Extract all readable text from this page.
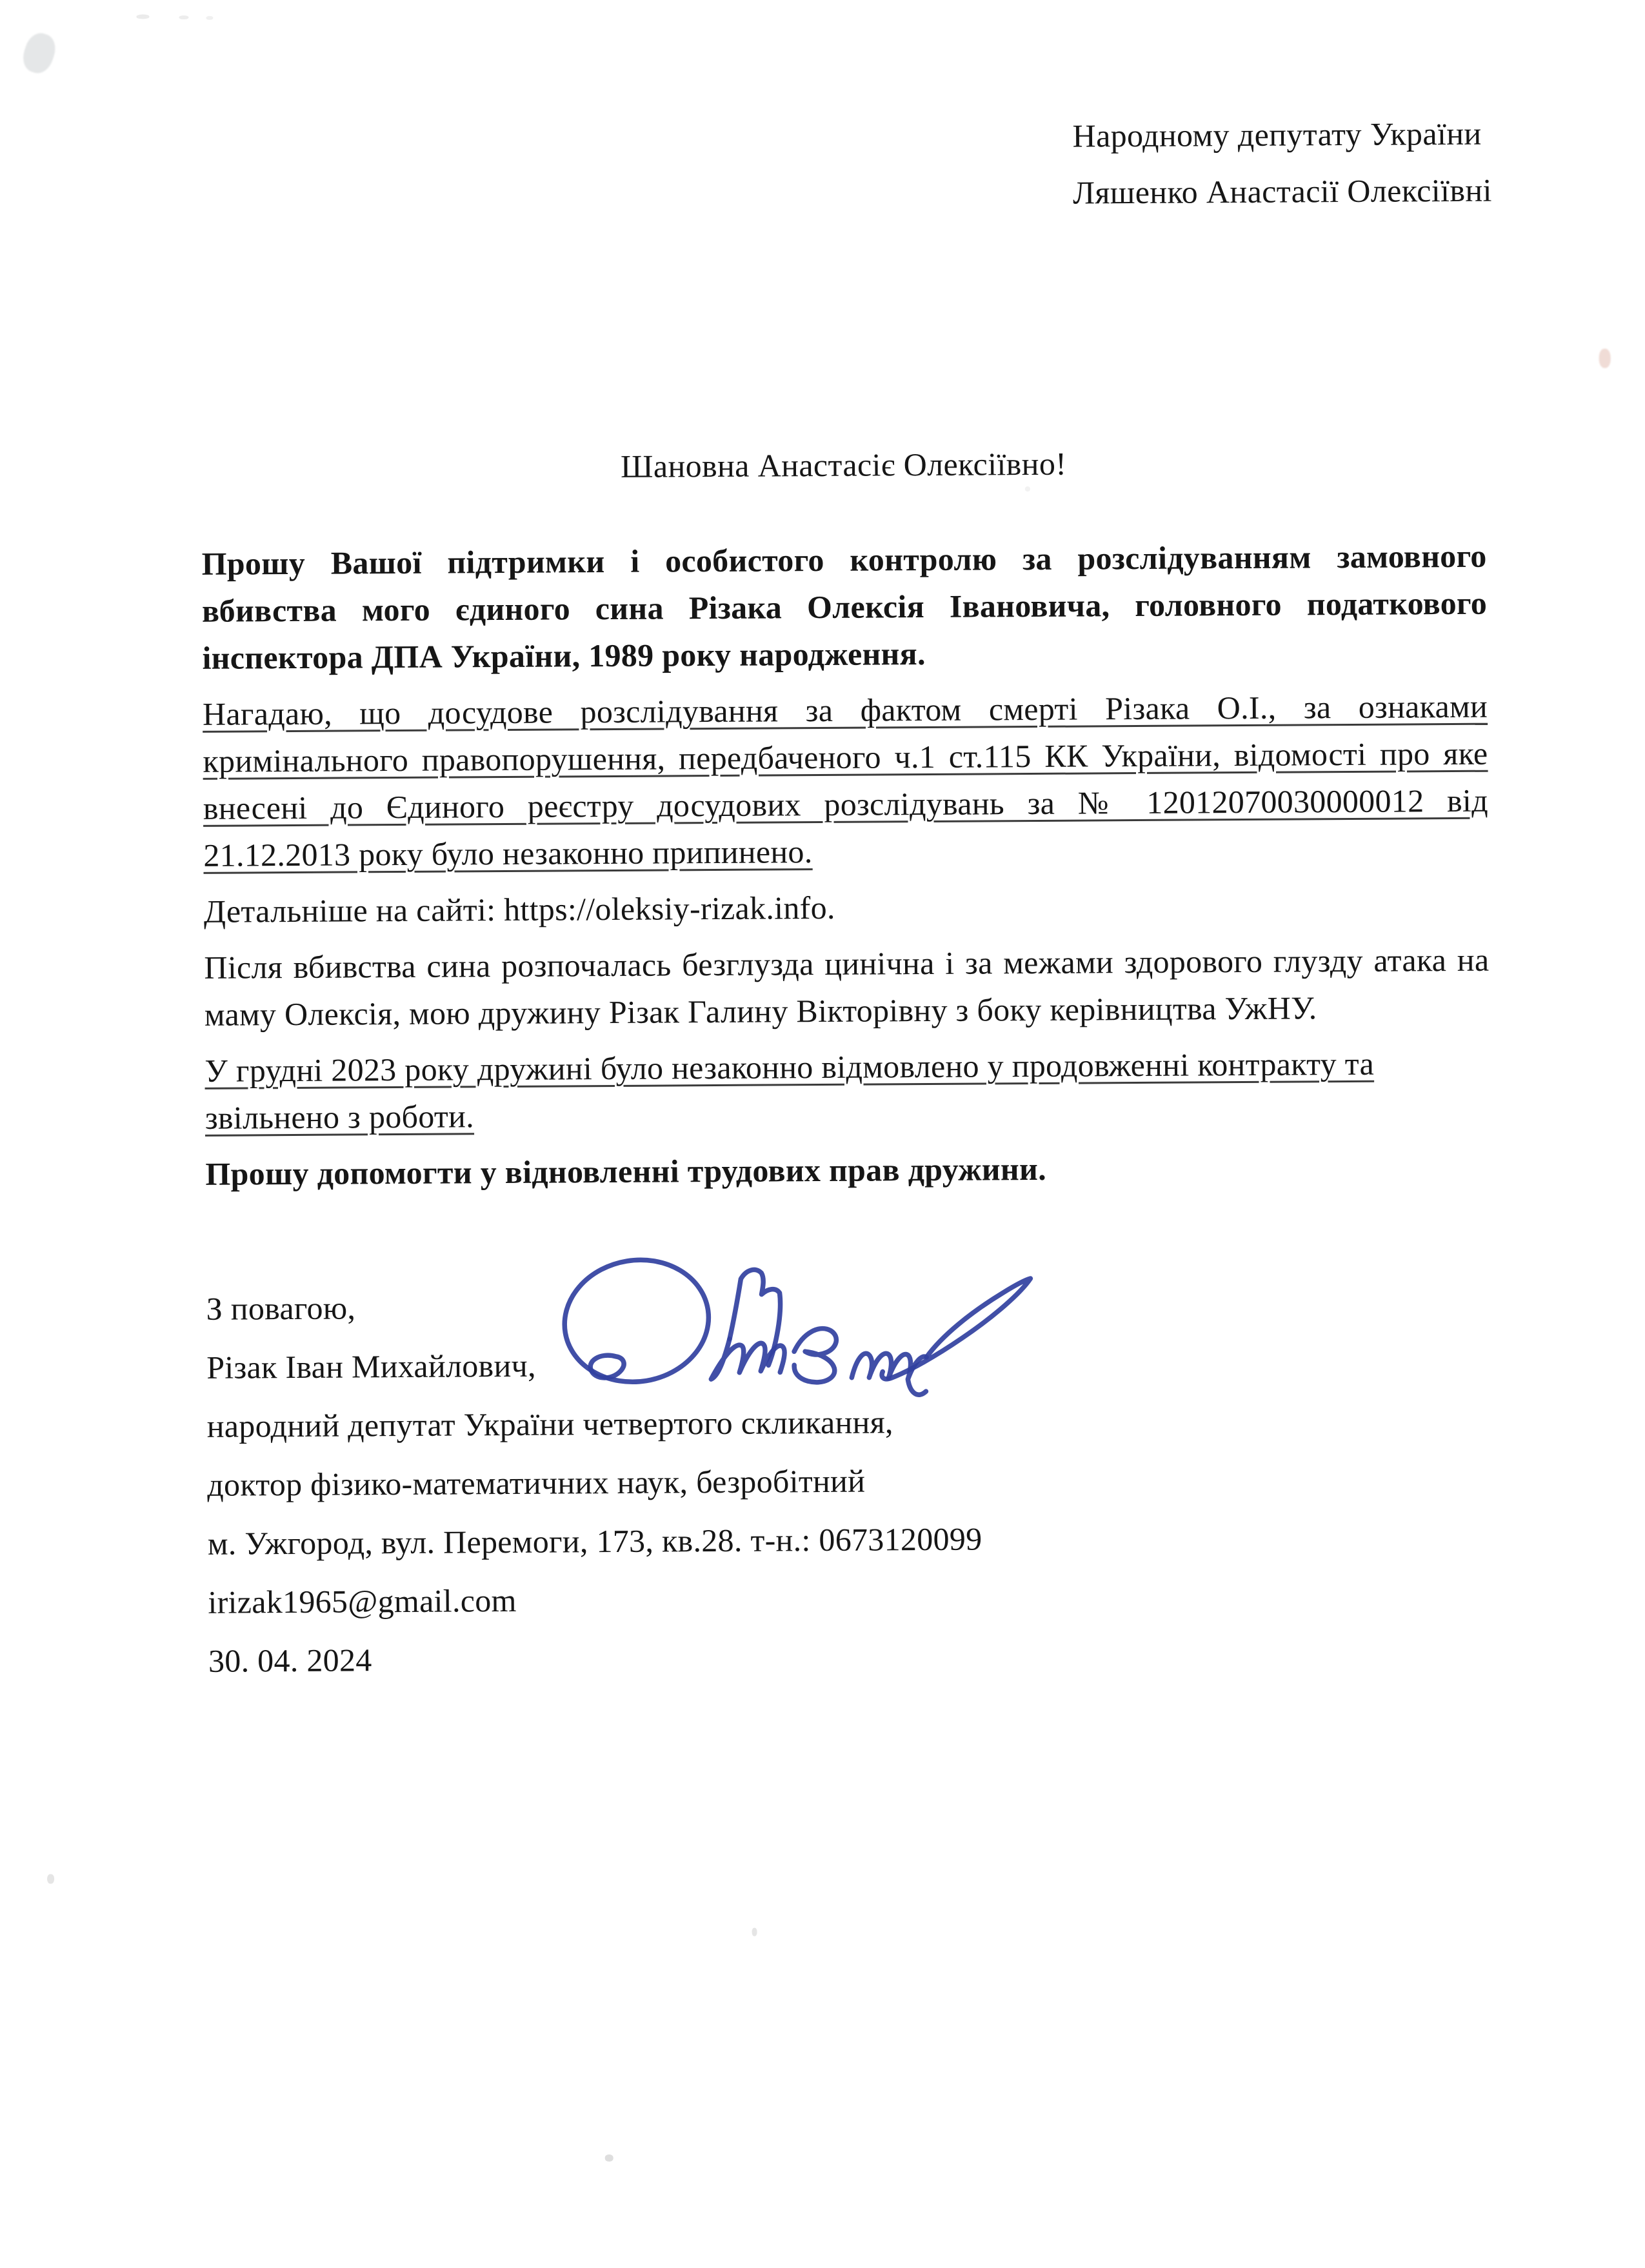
Народному депутату України
Ляшенко Анастасії Олексіївні
Шановна Анастасіє Олексіївно!

Прошу Вашої підтримки і особистого контролю за розслідуванням замовного вбивства мого єдиного сина Різака Олексія Івановича, головного податкового інспектора ДПА України, 1989 року народження.

Нагадаю, що досудове розслідування за фактом смерті Різака О.І., за ознаками кримінального правопорушення, передбаченого ч.1 ст.115 КК України, відомості про яке внесені до Єдиного реєстру досудових розслідувань за № 12012070030000012 від 21.12.2013 року було незаконно припинено.

Детальніше на сайті: https://oleksiy-rizak.info.

Після вбивства сина розпочалась безглузда цинічна і за межами здорового глузду атака на маму Олексія, мою дружину Різак Галину Вікторівну з боку керівництва УжНУ.

У грудні 2023 року дружині було незаконно відмовлено у продовженні контракту та звільнено з роботи.

Прошу допомогти у відновленні трудових прав дружини.

З повагою,
Різак Іван Михайлович,
народний депутат України четвертого скликання,
доктор фізико-математичних наук, безробітний
м. Ужгород, вул. Перемоги, 173, кв.28. т-н.: 0673120099
irizak1965@gmail.com
30. 04. 2024
